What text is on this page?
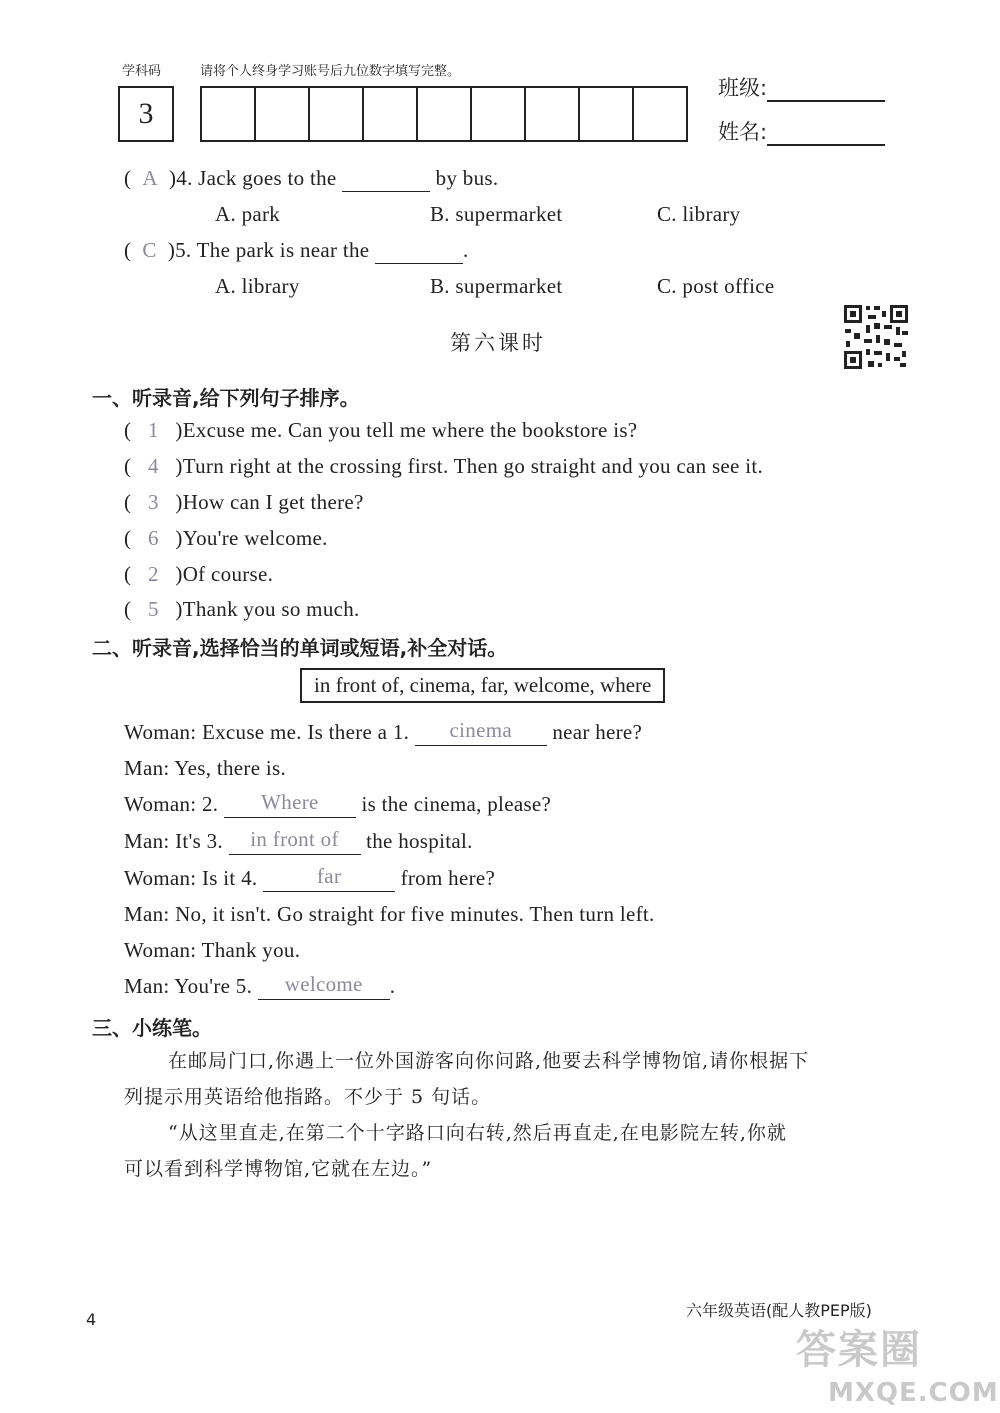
学科码	请将个人终身学习账号后九位数字填写完整。
3
班级:
姓名:
(  A )4. Jack goes to the	by bus.
A. park	B. supermarket	C. library
(  C )5. The park is near the	.
A. library	B. supermarket	C. post office
第六课时
一、听录音,给下列句子排序。
(   1 )Excuse me. Can you tell me where the bookstore is?
(   4 )Turn right at the crossing first. Then go straight and you can see it.
(   3 )How can I get there?
(   6 )You're welcome.
(   2 )Of course.
(   5 )Thank you so much.
二、听录音,选择恰当的单词或短语,补全对话。
in front of, cinema, far, welcome, where
Woman: Excuse me. Is there a 1. cinema near here?
Man: Yes, there is.
Woman: 2. Where is the cinema, please?
Man: It's 3. in front of the hospital.
Woman: Is it 4.	far	from here?
Man: No, it isn't. Go straight for five minutes. Then turn left.
Woman: Thank you.
Man: You're 5. welcome .
三、小练笔。
在邮局门口,你遇上一位外国游客向你问路,他要去科学博物馆,请你根据下
列提示用英语给他指路。不少于 5 句话。
“从这里直走,在第二个十字路口向右转,然后再直走,在电影院左转,你就
可以看到科学博物馆,它就在左边。”
4	六年级英语(配人教PEP版)
答案圈
MXQE.COM
